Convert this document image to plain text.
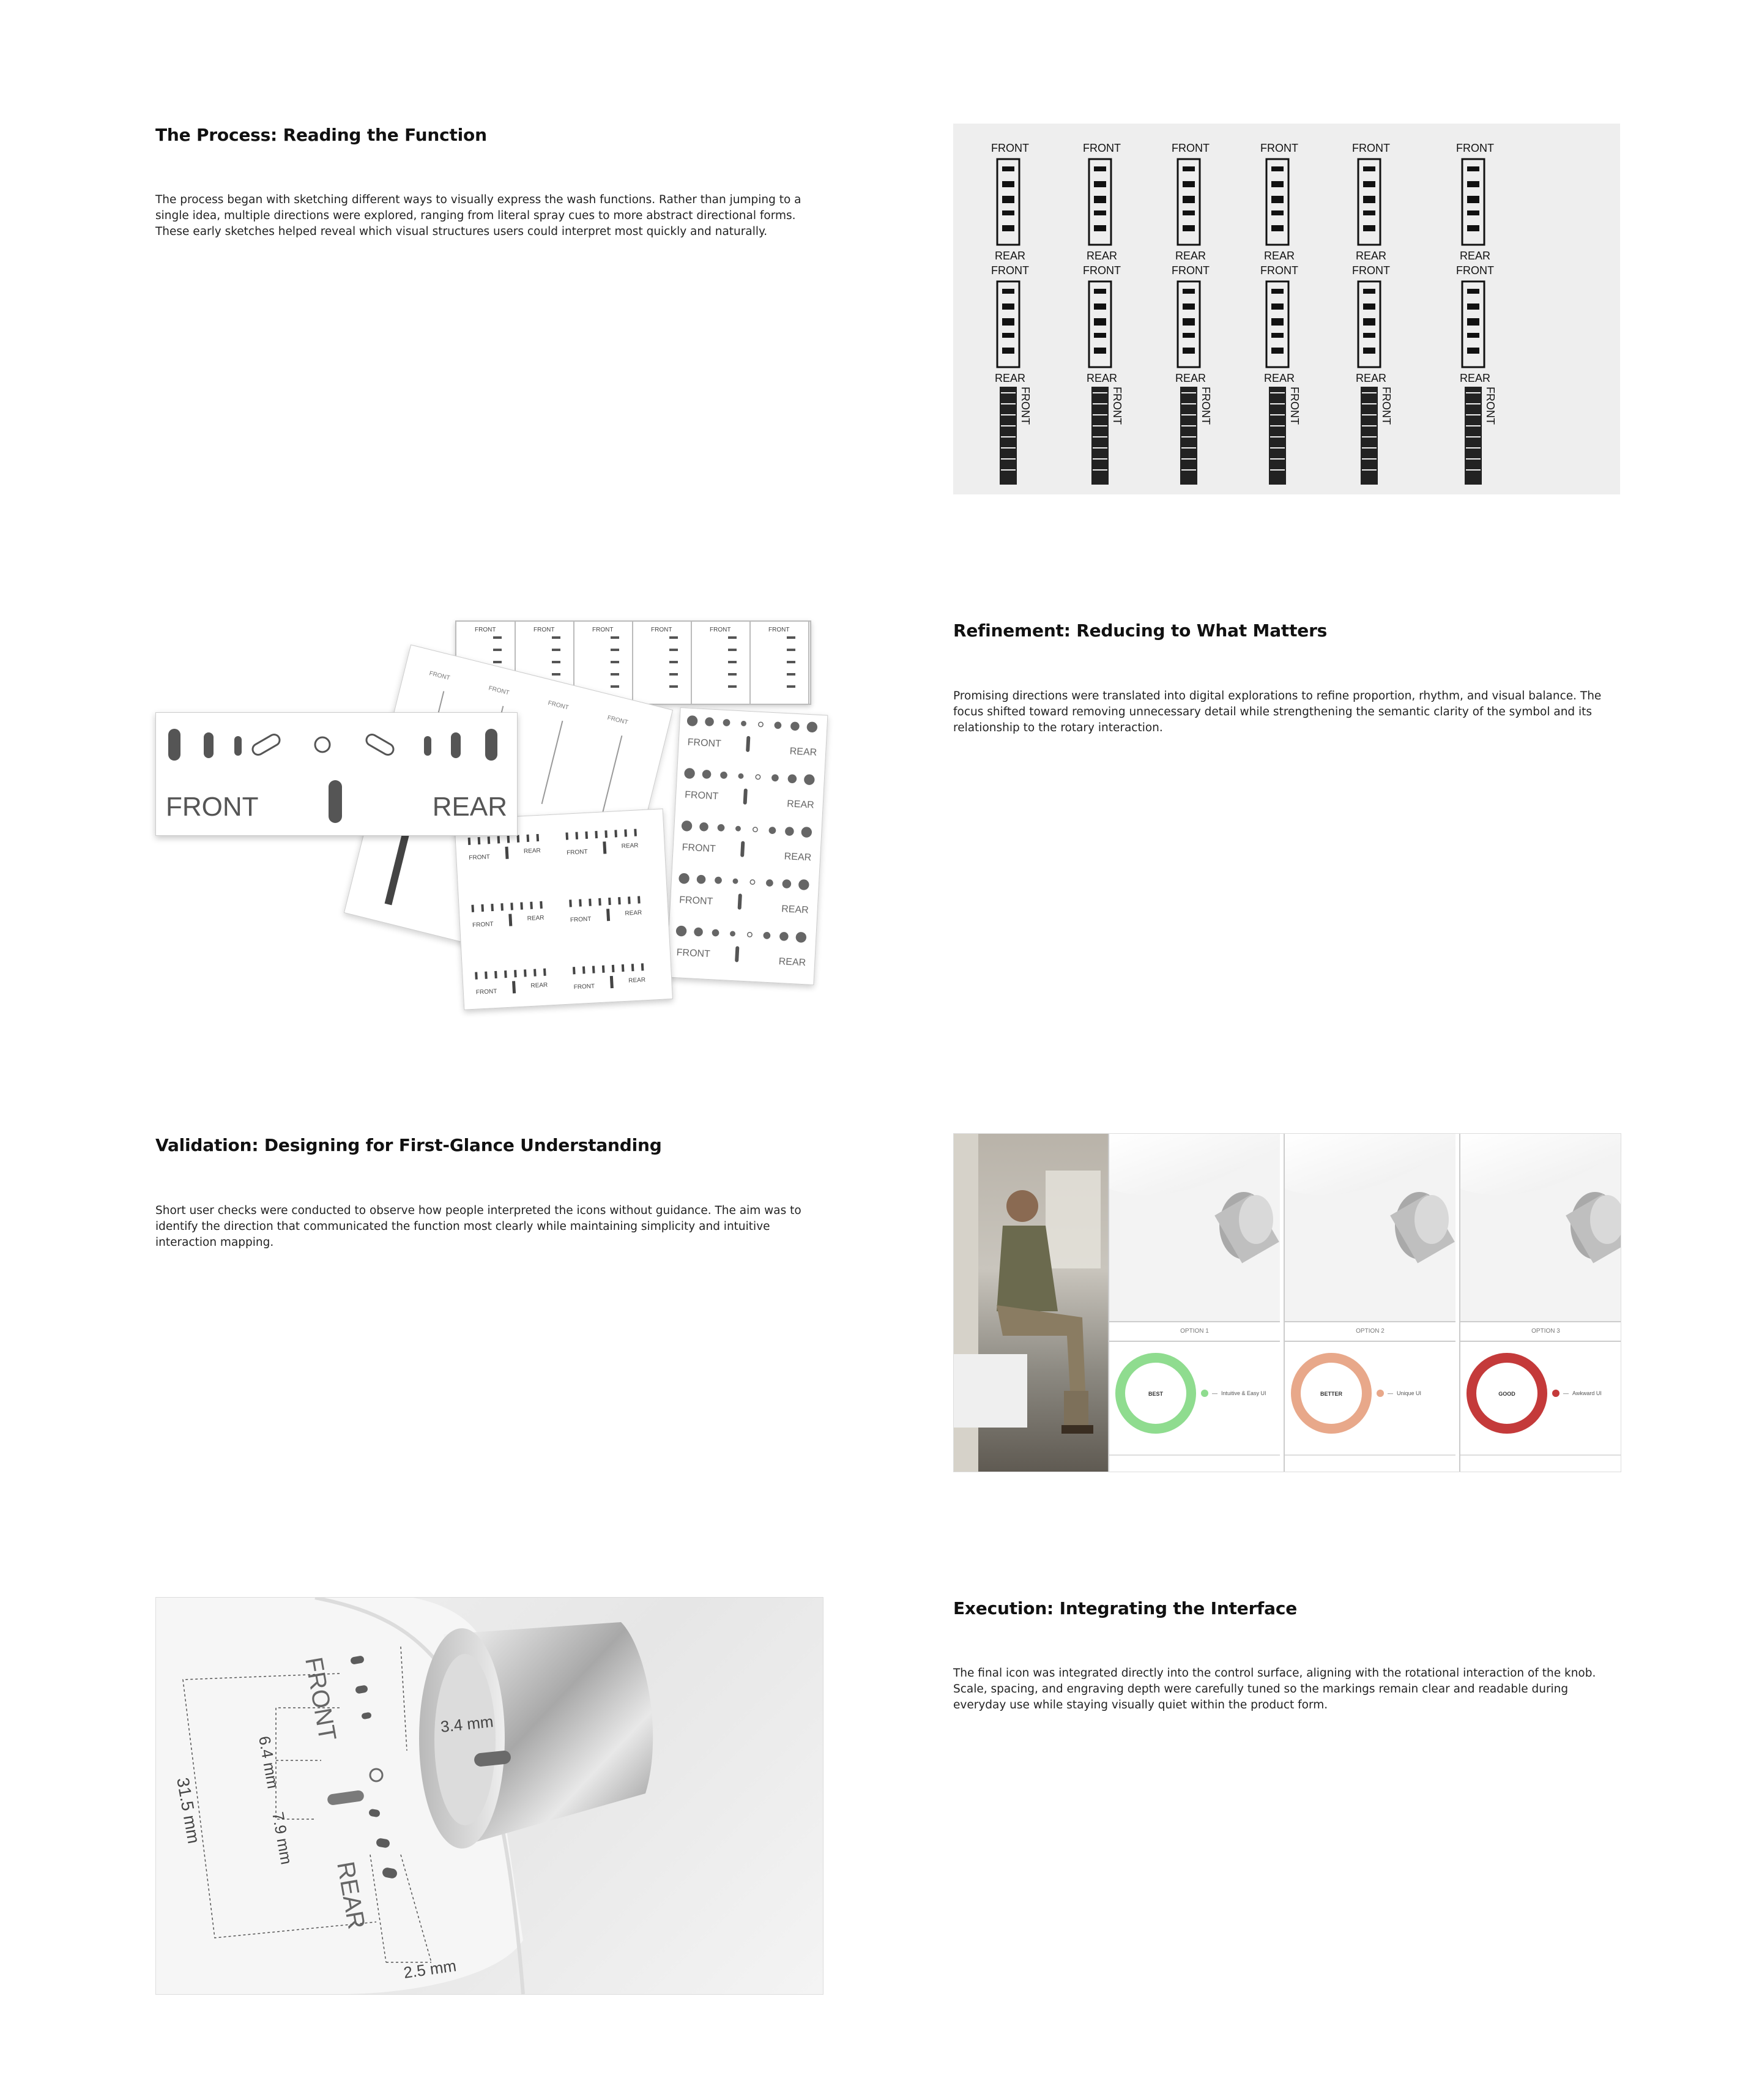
The Process: Reading the Function

The process began with sketching different ways to visually express the wash functions. Rather than jumping to a single idea, multiple directions were explored, ranging from literal spray cues to more abstract directional forms. These early sketches helped reveal which visual structures users could interpret most quickly and naturally.

FRONT
REAR
FRONT
REAR
FRONT
REAR
FRONT
REAR
FRONT
REAR
FRONT
REAR
FRONT
REAR
FRONT
REAR
FRONT
REAR
FRONT
REAR
FRONT
REAR
FRONT
REAR
FRONT	FRONT	FRONT	FRONT	FRONT	FRONT
Refinement: Reducing to What Matters

Promising directions were translated into digital explorations to refine proportion, rhythm, and visual balance. The focus shifted toward removing unnecessary detail while strengthening the semantic clarity of the symbol and its relationship to the rotary interaction.

FRONT	FRONT	FRONT	FRONT	FRONT	FRONT
FRONT
FRONT
FRONT
FRONT
FRONT
REAR
FRONT
REAR
FRONT
REAR
FRONT
REAR
FRONT
REAR
FRONT
REAR	FRONT
REAR
FRONT
REAR	FRONT
REAR
FRONT
REAR	FRONT
REAR
FRONT	REAR
Validation: Designing for First-Glance Understanding

Short user checks were conducted to observe how people interpreted the icons without guidance. The aim was to identify the direction that communicated the function most clearly while maintaining simplicity and intuitive interaction mapping.

OPTION 1
BEST	— Intuitive & Easy UI
OPTION 2
BETTER	— Unique UI
OPTION 3
GOOD	— Awkward UI
Execution: Integrating the Interface

The final icon was integrated directly into the control surface, aligning with the rotational interaction of the knob. Scale, spacing, and engraving depth were carefully tuned so the markings remain clear and readable during everyday use while staying visually quiet within the product form.

FRONT
REAR
3.4 mm
6.4 mm
7.9 mm
31.5 mm
2.5 mm
